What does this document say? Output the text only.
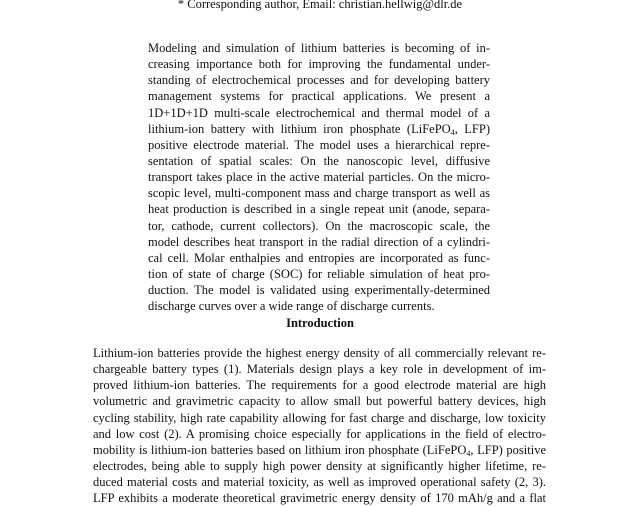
* Corresponding author, Email: christian.hellwig@dlr.de
Modeling and simulation of lithium batteries is becoming of in-
creasing importance both for improving the fundamental under-
standing of electrochemical processes and for developing battery
management systems for practical applications. We present a
1D+1D+1D multi-scale electrochemical and thermal model of a
lithium-ion battery with lithium iron phosphate (LiFePO$_4$, LFP)
positive electrode material. The model uses a hierarchical repre-
sentation of spatial scales: On the nanoscopic level, diffusive
transport takes place in the active material particles. On the micro-
scopic level, multi-component mass and charge transport as well as
heat production is described in a single repeat unit (anode, separa-
tor, cathode, current collectors). On the macroscopic scale, the
model describes heat transport in the radial direction of a cylindri-
cal cell. Molar enthalpies and entropies are incorporated as func-
tion of state of charge (SOC) for reliable simulation of heat pro-
duction. The model is validated using experimentally-determined
discharge curves over a wide range of discharge currents.
Introduction
Lithium-ion batteries provide the highest energy density of all commercially relevant re-
chargeable battery types (1). Materials design plays a key role in development of im-
proved lithium-ion batteries. The requirements for a good electrode material are high
volumetric and gravimetric capacity to allow small but powerful battery devices, high
cycling stability, high rate capability allowing for fast charge and discharge, low toxicity
and low cost (2). A promising choice especially for applications in the field of electro-
mobility is lithium-ion batteries based on lithium iron phosphate (LiFePO$_4$, LFP) positive
electrodes, being able to supply high power density at significantly higher lifetime, re-
duced material costs and material toxicity, as well as improved operational safety (2, 3).
LFP exhibits a moderate theoretical gravimetric energy density of 170 mAh/g and a flat
